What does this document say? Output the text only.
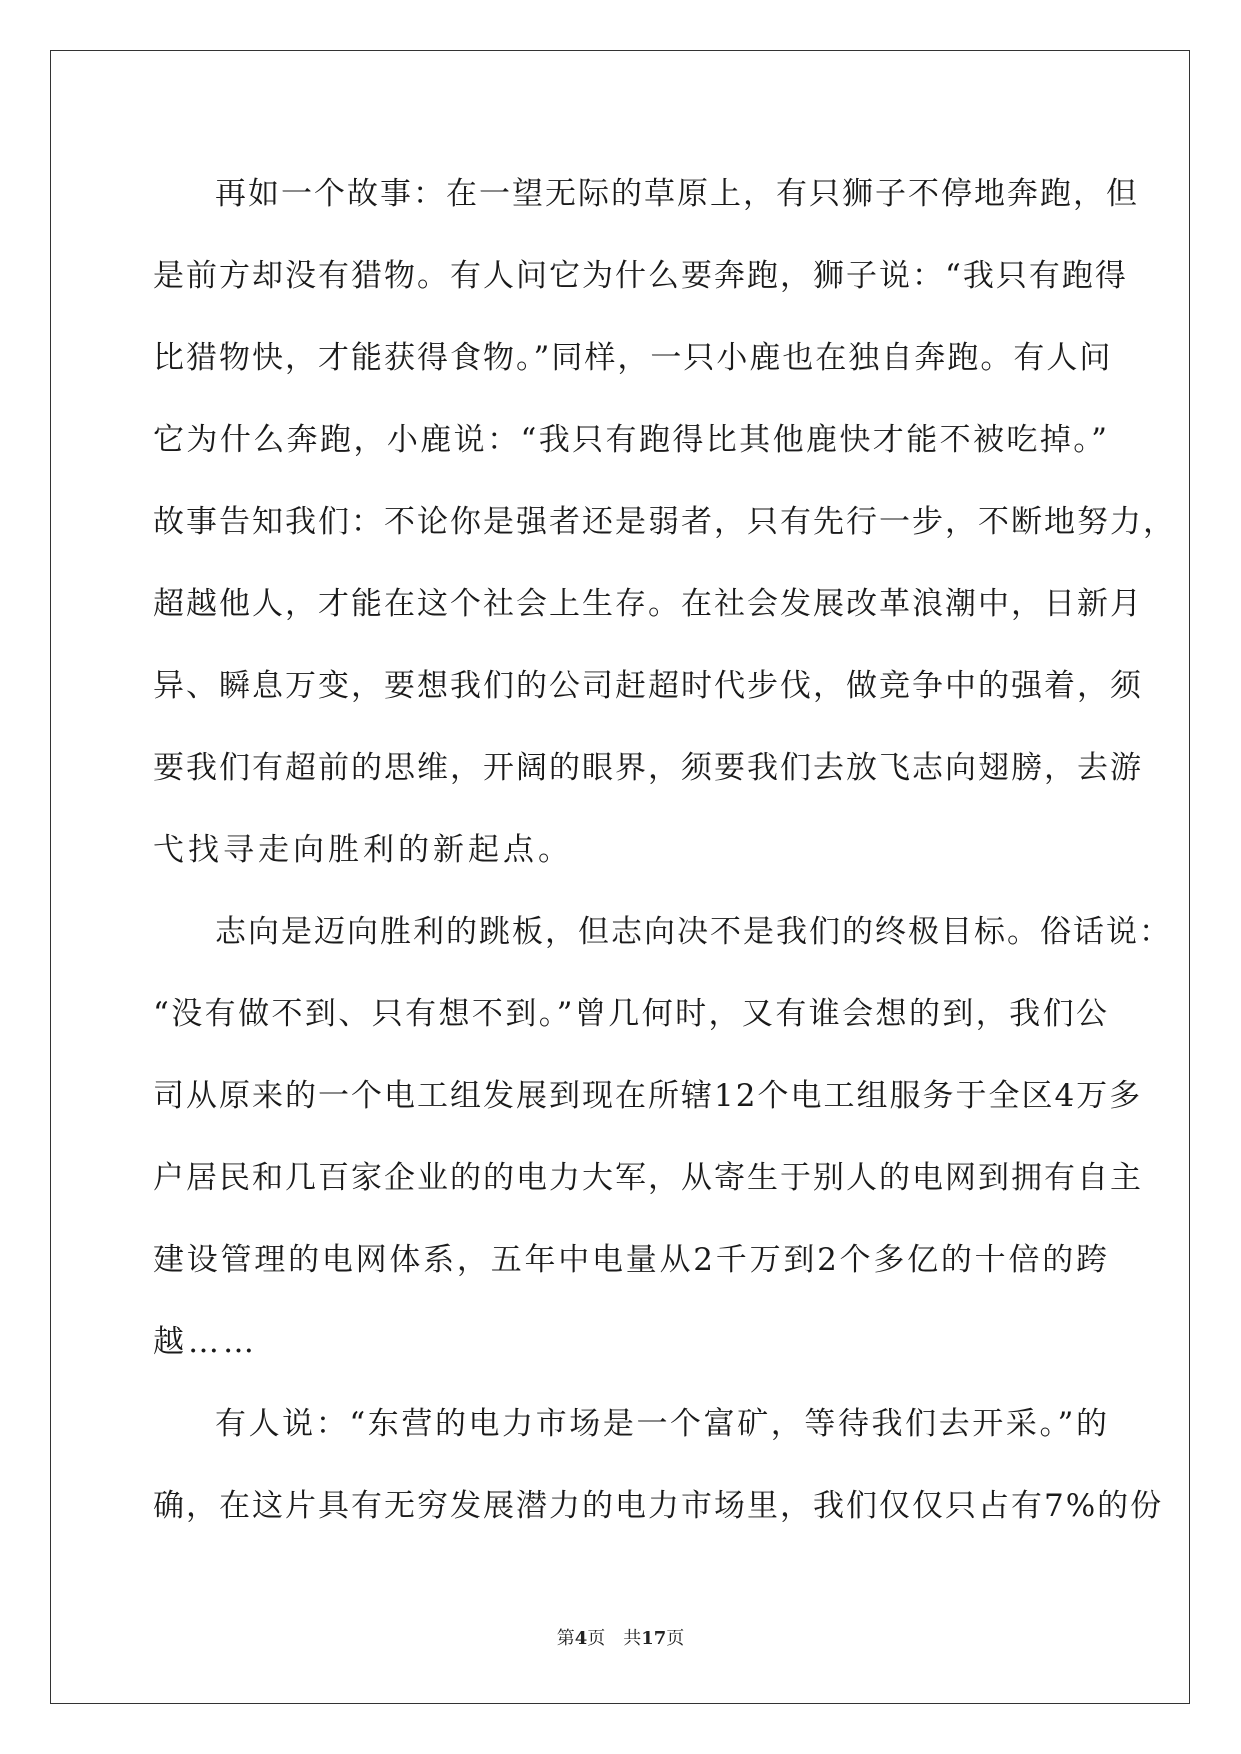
再如一个故事：在一望无际的草原上，有只狮子不停地奔跑，但
是前方却没有猎物。有人问它为什么要奔跑，狮子说：“我只有跑得
比猎物快，才能获得食物。”同样，一只小鹿也在独自奔跑。有人问
它为什么奔跑，小鹿说：“我只有跑得比其他鹿快才能不被吃掉。”
故事告知我们：不论你是强者还是弱者，只有先行一步，不断地努力，
超越他人，才能在这个社会上生存。在社会发展改革浪潮中，日新月
异、瞬息万变，要想我们的公司赶超时代步伐，做竞争中的强着，须
要我们有超前的思维，开阔的眼界，须要我们去放飞志向翅膀，去游
弋找寻走向胜利的新起点。
志向是迈向胜利的跳板，但志向决不是我们的终极目标。俗话说：
“没有做不到、只有想不到。”曾几何时，又有谁会想的到，我们公
司从原来的一个电工组发展到现在所辖12个电工组服务于全区4万多
户居民和几百家企业的的电力大军，从寄生于别人的电网到拥有自主
建设管理的电网体系，五年中电量从2千万到2个多亿的十倍的跨
越……
有人说：“东营的电力市场是一个富矿，等待我们去开采。”的
确，在这片具有无穷发展潜力的电力市场里，我们仅仅只占有7%的份
第4页 共17页
